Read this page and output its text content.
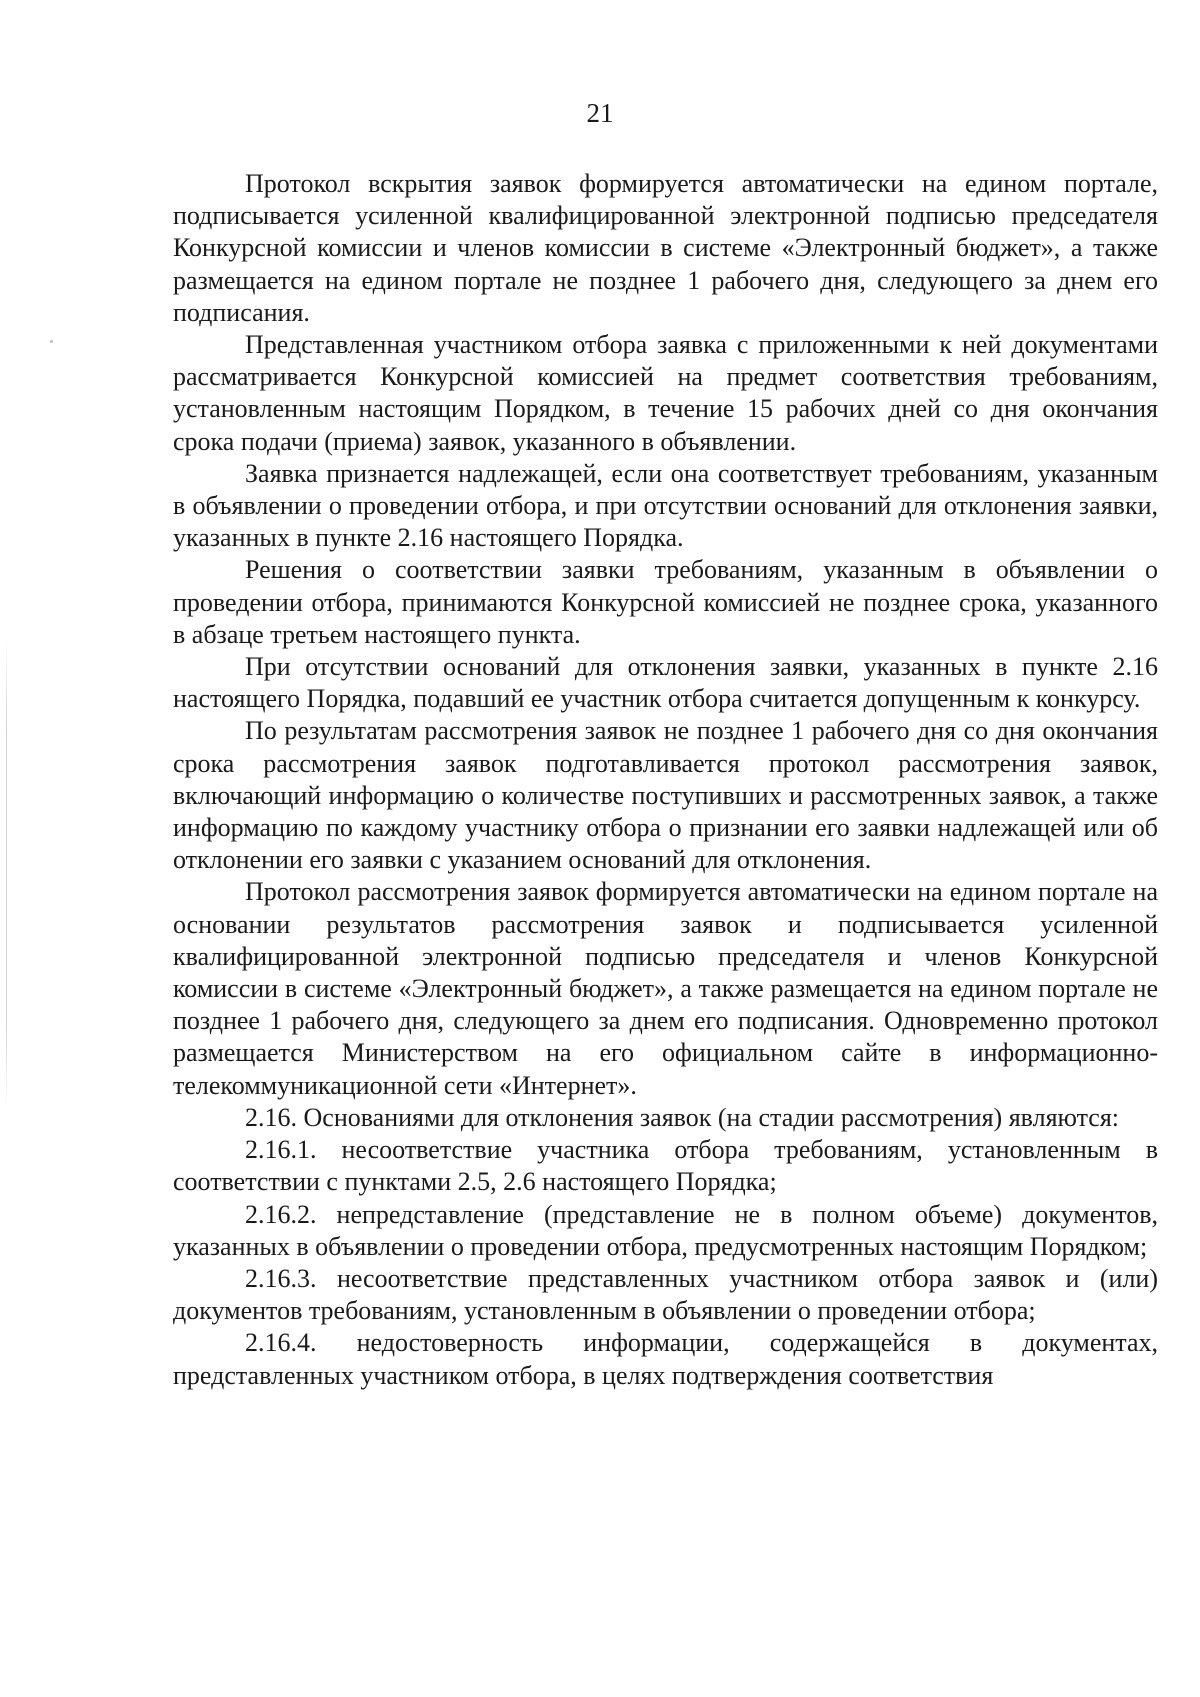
21

Протокол вскрытия заявок формируется автоматически на едином портале, подписывается усиленной квалифицированной электронной подписью председателя Конкурсной комиссии и членов комиссии в системе «Электронный бюджет», а также размещается на едином портале не позднее 1 рабочего дня, следующего за днем его подписания.

Представленная участником отбора заявка с приложенными к ней документами рассматривается Конкурсной комиссией на предмет соответствия требованиям, установленным настоящим Порядком, в течение 15 рабочих дней со дня окончания срока подачи (приема) заявок, указанного в объявлении.

Заявка признается надлежащей, если она соответствует требованиям, указанным в объявлении о проведении отбора, и при отсутствии оснований для отклонения заявки, указанных в пункте 2.16 настоящего Порядка.

Решения о соответствии заявки требованиям, указанным в объявлении о проведении отбора, принимаются Конкурсной комиссией не позднее срока, указанного в абзаце третьем настоящего пункта.

При отсутствии оснований для отклонения заявки, указанных в пункте 2.16 настоящего Порядка, подавший ее участник отбора считается допущенным к конкурсу.

По результатам рассмотрения заявок не позднее 1 рабочего дня со дня окончания срока рассмотрения заявок подготавливается протокол рассмотрения заявок, включающий информацию о количестве поступивших и рассмотренных заявок, а также информацию по каждому участнику отбора о признании его заявки надлежащей или об отклонении его заявки с указанием оснований для отклонения.

Протокол рассмотрения заявок формируется автоматически на едином портале на основании результатов рассмотрения заявок и подписывается усиленной квалифицированной электронной подписью председателя и членов Конкурсной комиссии в системе «Электронный бюджет», а также размещается на едином портале не позднее 1 рабочего дня, следующего за днем его подписания. Одновременно протокол размещается Министерством на его официальном сайте в информационно-телекоммуникационной сети «Интернет».

2.16. Основаниями для отклонения заявок (на стадии рассмотрения) являются:

2.16.1. несоответствие участника отбора требованиям, установленным в соответствии с пунктами 2.5, 2.6 настоящего Порядка;

2.16.2. непредставление (представление не в полном объеме) документов, указанных в объявлении о проведении отбора, предусмотренных настоящим Порядком;

2.16.3. несоответствие представленных участником отбора заявок и (или) документов требованиям, установленным в объявлении о проведении отбора;

2.16.4. недостоверность информации, содержащейся в документах, представленных участником отбора, в целях подтверждения соответствия
